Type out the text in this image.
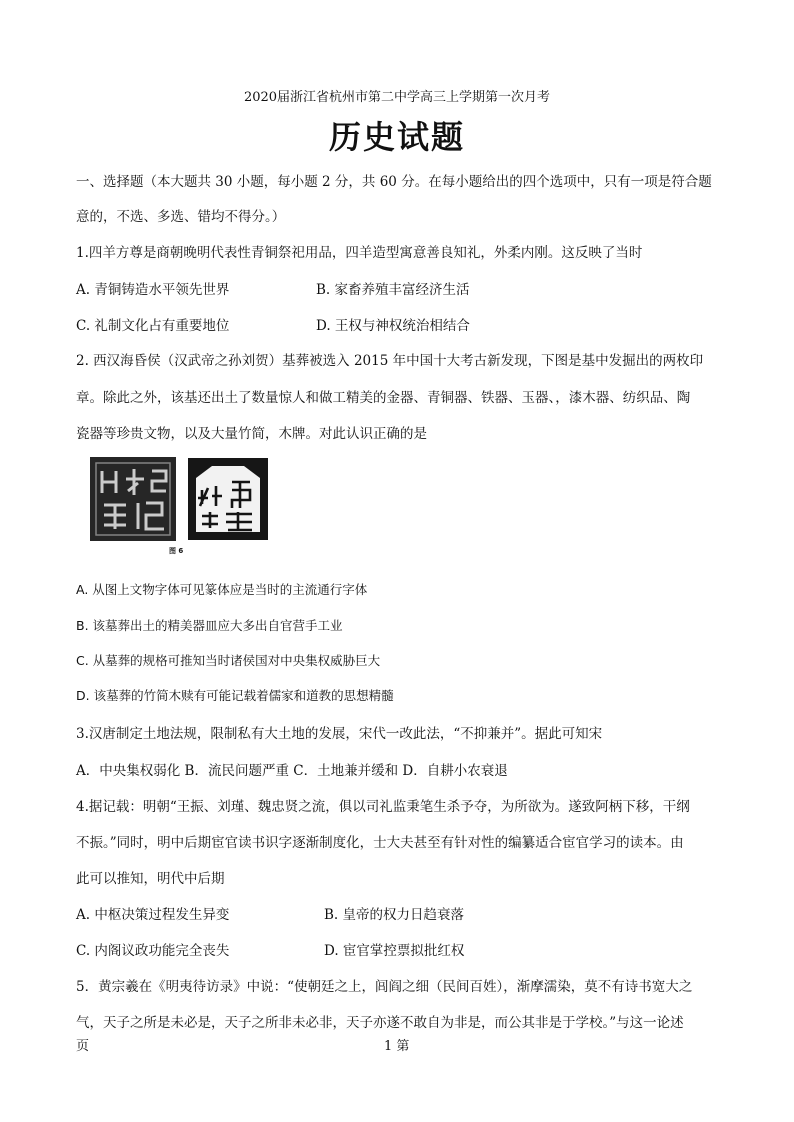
2020届浙江省杭州市第二中学高三上学期第一次月考
历史试题
一、选择题（本大题共 30 小题，每小题 2 分，共 60 分。在每小题给出的四个选项中，只有一项是符合题
意的，不选、多选、错均不得分。）
1.四羊方尊是商朝晚明代表性青铜祭祀用品，四羊造型寓意善良知礼，外柔内刚。这反映了当时
A. 青铜铸造水平领先世界	B. 家畜养殖丰富经济生活
C. 礼制文化占有重要地位	D. 王权与神权统治相结合
2. 西汉海昏侯（汉武帝之孙刘贺）基葬被选入 2015 年中国十大考古新发现，下图是基中发掘出的两枚印
章。除此之外，该基还出土了数量惊人和做工精美的金器、青铜器、铁器、玉器、，漆木器、纺织品、陶
瓷器等珍贵文物，以及大量竹简，木牌。对此认识正确的是
图 6
A. 从图上文物字体可见篆体应是当时的主流通行字体
B. 该墓葬出土的精美器皿应大多出自官营手工业
C. 从墓葬的规格可推知当时诸侯国对中央集权威胁巨大
D. 该墓葬的竹简木赎有可能记载着儒家和道教的思想精髓
3.汉唐制定土地法规，限制私有大土地的发展，宋代一改此法，“不抑兼并”。据此可知宋
A．中央集权弱化 B．流民问题严重 C．土地兼并缓和 D．自耕小农衰退
4.据记载：明朝“王振、刘瑾、魏忠贤之流，俱以司礼监秉笔生杀予夺，为所欲为。遂致阿柄下移，干纲
不振。”同时，明中后期宦官读书识字逐渐制度化，士大夫甚至有针对性的编纂适合宦官学习的读本。由
此可以推知，明代中后期
A. 中枢决策过程发生异变	B. 皇帝的权力日趋衰落
C. 内阁议政功能完全丧失	D. 宦官掌控票拟批红权
5．黄宗羲在《明夷待访录》中说：“使朝廷之上，闾阎之细（民间百姓），渐摩濡染，莫不有诗书宽大之
气，天子之所是未必是，天子之所非未必非，天子亦遂不敢自为非是，而公其非是于学校。”与这一论述
页	1 第
